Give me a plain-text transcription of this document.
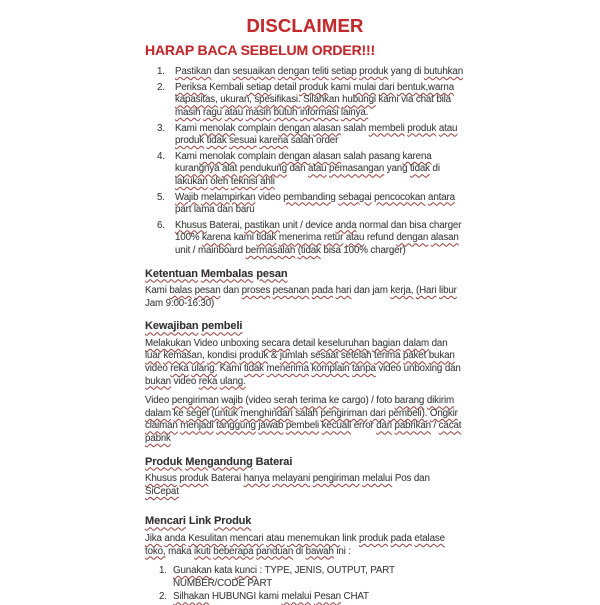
DISCLAIMER
HARAP BACA SEBELUM ORDER!!!
1.	Pastikan dan sesuaikan dengan teliti setiap produk yang di butuhkan
2.	Periksa Kembali setiap detail produk kami mulai dari bentuk,warna kapasitas, ukuran, spesifikasi. Silahkan hubungi kami via chat bila masih ragu atau masih butuh informasi lainya.
3.	Kami menolak complain dengan alasan salah membeli produk atau produk tidak sesuai karena salah order
4.	Kami menolak complain dengan alasan salah pasang karena kurangnya alat pendukung dan atau pemasangan yang tidak di lakukan oleh teknisi ahli
5.	Wajib melampirkan video pembanding sebagai pencocokan antara part lama dan baru
6.	Khusus Baterai, pastikan unit / device anda normal dan bisa charger 100% karena kami tidak menerima retur atau refund dengan alasan unit / mainboard bermasalah (tidak bisa 100% charger)
Ketentuan Membalas pesan

Kami balas pesan dan proses pesanan pada hari dan jam kerja, (Hari libur Jam 9:00-16:30)

Kewajiban pembeli

Melakukan Video unboxing secara detail keseluruhan bagian dalam dan luar kemasan, kondisi produk & jumlah sesaat setelah terima paket bukan video reka ulang. Kami tidak menerima komplain tanpa video unboxing dan bukan video reka ulang.

Video pengiriman wajib (video serah terima ke cargo) / foto barang dikirim dalam ke segel (untuk menghindari salah pengiriman dari pembeli). Ongkir claiman menjadi tanggung jawab pembeli kecuali error dari pabrikan / cacat pabrik

Produk Mengandung Baterai

Khusus produk Baterai hanya melayani pengiriman melalui Pos dan SiCepat

Mencari Link Produk

Jika anda Kesulitan mencari atau menemukan link produk pada etalase toko, maka ikuti beberapa panduan di bawah ini :

1. Gunakan kata kunci : TYPE, JENIS, OUTPUT, PART NUMBER/CODE PART
2. Silhakan HUBUNGI kami melalui Pesan CHAT
